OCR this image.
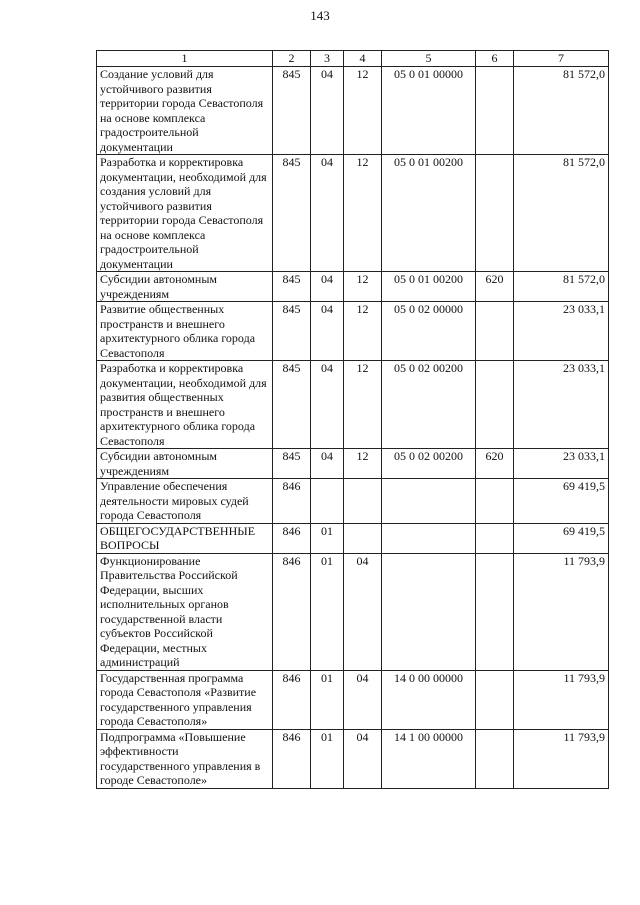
143
1	2	3	4	5	6	7
Создание условий для устойчивого развития территории города Севастополя на основе комплекса градостроительной документации	845	04	12	05 0 01 00000		81 572,0
Разработка и корректировка документации, необходимой для создания условий для устойчивого развития территории города Севастополя на основе комплекса градостроительной документации	845	04	12	05 0 01 00200		81 572,0
Субсидии автономным учреждениям	845	04	12	05 0 01 00200	620	81 572,0
Развитие общественных пространств и внешнего архитектурного облика города Севастополя	845	04	12	05 0 02 00000		23 033,1
Разработка и корректировка документации, необходимой для развития общественных пространств и внешнего архитектурного облика города Севастополя	845	04	12	05 0 02 00200		23 033,1
Субсидии автономным учреждениям	845	04	12	05 0 02 00200	620	23 033,1
Управление обеспечения деятельности мировых судей города Севастополя	846					69 419,5
ОБЩЕГОСУДАРСТВЕННЫЕ ВОПРОСЫ	846	01				69 419,5
Функционирование Правительства Российской Федерации, высших исполнительных органов государственной власти субъектов Российской Федерации, местных администраций	846	01	04			11 793,9
Государственная программа города Севастополя «Развитие государственного управления города Севастополя»	846	01	04	14 0 00 00000		11 793,9
Подпрограмма «Повышение эффективности государственного управления в городе Севастополе»	846	01	04	14 1 00 00000		11 793,9
